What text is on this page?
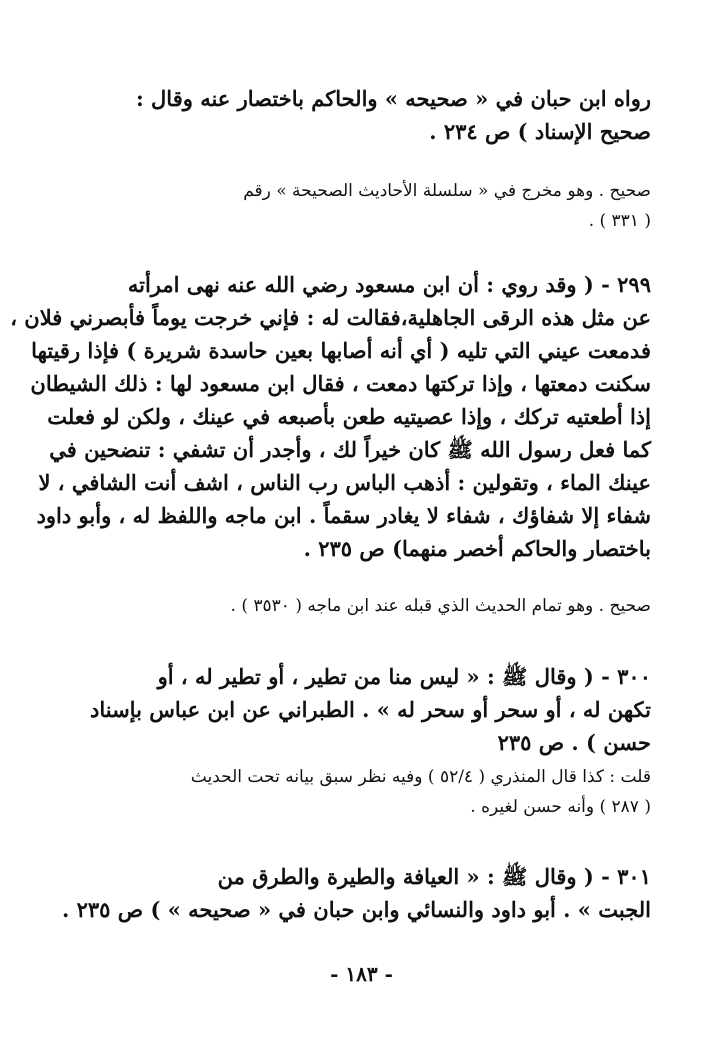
رواه ابن حبان في « صحيحه » والحاكم باختصار عنه وقال :
صحيح الإسناد ) ص ٢٣٤ .
صحيح . وهو مخرج في « سلسلة الأحاديث الصحيحة » رقم
( ٣٣١ ) .
٢٩٩ - ( وقد روي : أن ابن مسعود رضي الله عنه نهى امرأته
عن مثل هذه الرقى الجاهلية،فقالت له : فإني خرجت يوماً فأبصرني فلان ،
فدمعت عيني التي تليه ( أي أنه أصابها بعين حاسدة شريرة ) فإذا رقيتها
سكنت دمعتها ، وإذا تركتها دمعت ، فقال ابن مسعود لها : ذلك الشيطان
إذا أطعتيه تركك ، وإذا عصيتيه طعن بأصبعه في عينك ، ولكن لو فعلت
كما فعل رسول الله ﷺ كان خيراً لك ، وأجدر أن تشفي : تنضحين في
عينك الماء ، وتقولين : أذهب الباس رب الناس ، اشف أنت الشافي ، لا
شفاء إلا شفاؤك ، شفاء لا يغادر سقماً . ابن ماجه واللفظ له ، وأبو داود
باختصار والحاكم أخصر منهما) ص ٢٣٥ .
صحيح . وهو تمام الحديث الذي قبله عند ابن ماجه ( ٣٥٣٠ ) .
٣٠٠ - ( وقال ﷺ : « ليس منا من تطير ، أو تطير له ، أو
تكهن له ، أو سحر أو سحر له » . الطبراني عن ابن عباس بإسناد
حسن ) . ص ٢٣٥
قلت : كذا قال المنذري ( ٥٢/٤ ) وفيه نظر سبق بيانه تحت الحديث
( ٢٨٧ ) وأنه حسن لغيره .
٣٠١ - ( وقال ﷺ : « العيافة والطيرة والطرق من
الجبت » . أبو داود والنسائي وابن حبان في « صحيحه » ) ص ٢٣٥ .
- ١٨٣ -
